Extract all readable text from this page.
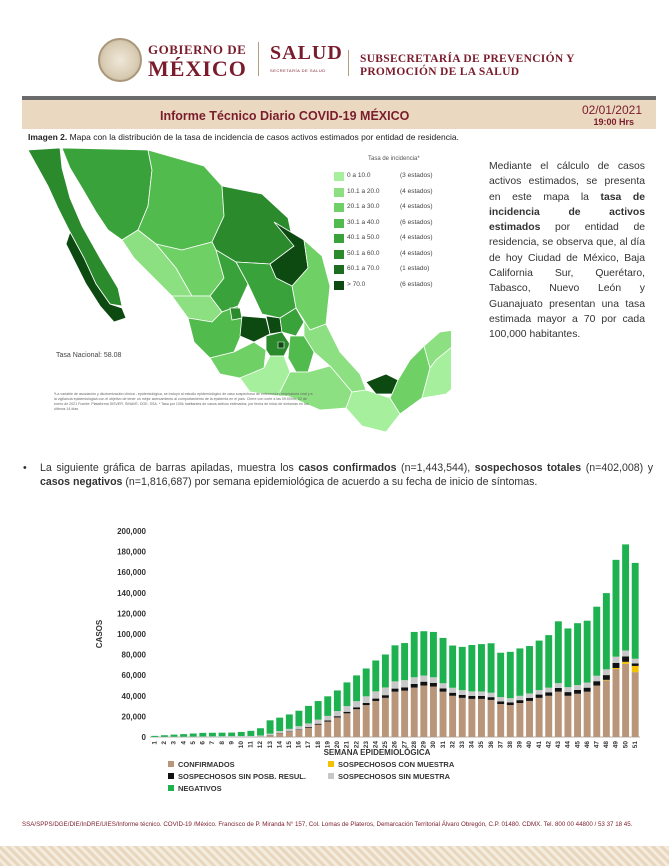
GOBIERNO DE
MÉXICO
SALUD
SECRETARÍA DE SALUD
SUBSECRETARÍA DE PREVENCIÓN Y
PROMOCIÓN DE LA SALUD
Informe Técnico Diario COVID-19 MÉXICO	02/01/2021
19:00 Hrs
Imagen 2. Mapa con la distribución de la tasa de incidencia de casos activos estimados por entidad de residencia.
Tasa de incidencia*
0 a 10.0	(3 estados)
10.1 a 20.0	(4 estados)
20.1 a 30.0	(4 estados)
30.1 a 40.0	(6 estados)
40.1 a 50.0	(4 estados)
50.1 a 60.0	(4 estados)
60.1 a 70.0	(1 estado)
> 70.0	(6 estados)
Tasa Nacional: 58.08
*La variable de asociación y dicotomización clínica - epidemiológica, se incluyó al estudio epidemiológico de caso sospechoso de enfermedad respiratoria viral y a la vigilancia epidemiológica con el objetivo de tener un mejor acercamiento al comportamiento de la epidemia en el país. Cierre con corte a las 09:00hrs, 02 de enero de 2021 Fuente: Plataforma SISVER, SINAVE, DGE, SSA. * Tasa por 100k habitantes de casos activos estimados; por fecha de inicio de síntomas en los últimos 14 días
Mediante el cálculo de casos activos estimados, se presenta en este mapa la tasa de incidencia de activos estimados por entidad de residencia, se observa que, al día de hoy Ciudad de México, Baja California Sur, Querétaro, Tabasco, Nuevo León y Guanajuato presentan una tasa estimada mayor a 70 por cada 100,000 habitantes.
•	La siguiente gráfica de barras apiladas, muestra los casos confirmados (n=1,443,544), sospechosos totales (n=402,008) y casos negativos (n=1,816,687) por semana epidemiológica de acuerdo a su fecha de inicio de síntomas.
0
20,000
40,000
60,000
80,000
100,000
120,000
140,000
160,000
180,000
200,000
1 2 3 4 5 6 7 8 9 10 11 12 13 14 15 16 17 18 19 20 21 22 23 24 25 26 27 28 29 30 31 32 33 34 35 36 37 38 39 40 41 42 43 44 45 46 47 48 49 50 51
CASOS
SEMANA EPIDEMIOLÓGICA
CONFIRMADOS	SOSPECHOSOS CON MUESTRA
SOSPECHOSOS SIN POSB. RESUL.	SOSPECHOSOS SIN MUESTRA
NEGATIVOS
SSA/SPPS/DGE/DIE/InDRE/UIES/Informe técnico. COVID-19 /México. Francisco de P. Miranda N° 157, Col. Lomas de Plateros, Demarcación Territorial Álvaro Obregón, C.P. 01480. CDMX. Tel. 800 00 44800 / 53 37 18 45.
